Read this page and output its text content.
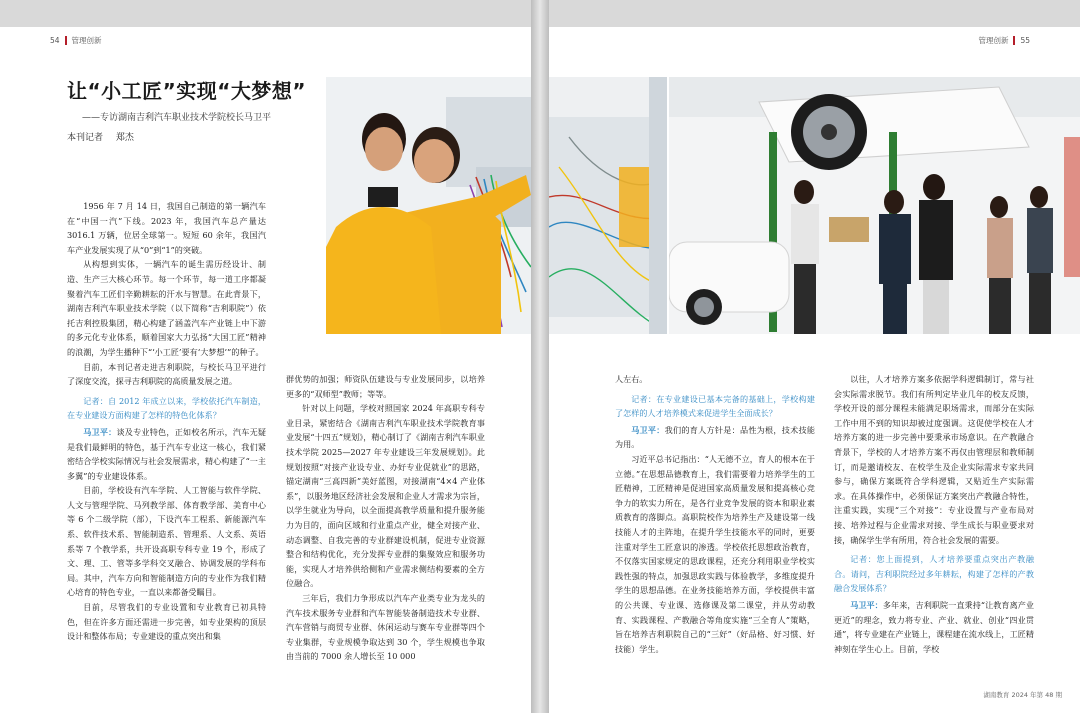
54 管理创新
让“小工匠”实现“大梦想”
——专访湖南吉利汽车职业技术学院校长马卫平
本刊记者 郑杰

1956 年 7 月 14 日，我国自己制造的第一辆汽车在“中国一汽”下线。2023 年，我国汽车总产量达 3016.1 万辆，位居全球第一。短短 60 余年，我国汽车产业发展实现了从“0”到“1”的突破。

从构想到实体，一辆汽车的诞生需历经设计、制造、生产三大核心环节。每一个环节，每一道工序都凝聚着汽车工匠们辛勤耕耘的汗水与智慧。在此背景下，湖南吉利汽车职业技术学院（以下简称“吉利职院”）依托吉利控股集团，精心构建了涵盖汽车产业链上中下游的多元化专业体系，顺着国家大力弘扬“大国工匠”精神的浪潮，为学生播种下“‘小工匠’要有‘大梦想’”的种子。

目前，本刊记者走进吉利职院，与校长马卫平进行了深度交流，探寻吉利职院的高质量发展之道。

记者：自 2012 年成立以来，学校依托汽车制造，在专业建设方面构建了怎样的特色化体系？

马卫平：谈及专业特色，正如校名所示，汽车无疑是我们最鲜明的特色，基于汽车专业这一核心，我们紧密结合学校实际情况与社会发展需求，精心构建了“一主多翼”的专业建设体系。

目前，学校设有汽车学院、人工智能与软件学院、人文与管理学院、马列教学部、体育教学部、美育中心等 6 个二级学院（部），下设汽车工程系、新能源汽车系、软件技术系、智能制造系、管理系、人文系、英语系等 7 个教学系，共开设高职专科专业 19 个，形成了文、理、工、管等多学科交叉融合、协调发展的学科布局。其中，汽车方向和智能制造方向的专业作为我们精心培育的特色专业，一直以来都备受瞩目。

目前，尽管我们的专业设置和专业教育已初具特色，但在许多方面还需进一步完善，如专业架构的顶层设计和整体布局；专业建设的重点突出和集

群优势的加强；师资队伍建设与专业发展同步，以培养更多的“双师型”教师；等等。

针对以上问题，学校对照国家 2024 年高职专科专业目录，紧密结合《湖南吉利汽车职业技术学院教育事业发展“十四五”规划》，精心制订了《湖南吉利汽车职业技术学院 2025—2027 年专业建设三年发展规划》。此规划按照“对接产业设专业、办好专业促就业”的思路，锚定湖南“三高四新”美好蓝图，对接湖南“4×4 产业体系”，以服务地区经济社会发展和企业人才需求为宗旨，以学生就业为导向，以全面提高教学质量和提升服务能力为目的，面向区域和行业重点产业，健全对接产业、动态调整、自我完善的专业群建设机制，促进专业资源整合和结构优化，充分发挥专业群的集聚效应和服务功能，实现人才培养供给侧和产业需求侧结构要素的全方位融合。

三年后，我们力争形成以汽车产业类专业为龙头的汽车技术服务专业群和汽车智能装备制造技术专业群、汽车营销与商贸专业群、休闲运动与赛车专业群等四个专业集群，专业规模争取达到 30 个，学生规模也争取由当前的 7000 余人增长至 10 000

管理创新 55

人左右。

记者：在专业建设已基本完备的基础上，学校构建了怎样的人才培养模式来促进学生全面成长？

马卫平：我们的育人方针是：品性为根，技术技能为用。

习近平总书记指出：“人无德不立，育人的根本在于立德。”在思想品德教育上，我们需要着力培养学生的工匠精神，工匠精神是促进国家高质量发展和提高核心竞争力的软实力所在，是各行业竞争发展的资本和职业素质教育的落脚点。高职院校作为培养生产及建设第一线技能人才的主阵地，在提升学生技能水平的同时，更要注重对学生工匠意识的渗透。学校依托思想政治教育，不仅落实国家规定的思政课程，还充分利用职业学校实践性强的特点，加强思政实践与体验教学，多维度提升学生的思想品德。在业务技能培养方面，学校提供丰富的公共课、专业课、选修课及第二课堂，并从劳动教育、实践课程、产教融合等角度实施“三全育人”策略，旨在培养吉利职院自己的“三好”（好品格、好习惯、好技能）学生。

以往，人才培养方案多依据学科逻辑制订，常与社会实际需求脱节。我们有所判定毕业几年的校友反馈，学校开设的部分课程未能满足职场需求，而部分在实际工作中用不到的知识却被过度强调。这促使学校在人才培养方案的进一步完善中要秉承市场意识。在产教融合背景下，学校的人才培养方案不再仅由管理层和教师制订，而是邀请校友、在校学生及企业实际需求专家共同参与，确保方案既符合学科逻辑，又贴近生产实际需求。在具体操作中，必须保证方案突出产教融合特性，注重实践，实现“三个对接”：专业设置与产业布局对接、培养过程与企业需求对接、学生成长与职业要求对接，确保学生学有所用，符合社会发展的需要。

记者：您上面提到，人才培养要重点突出产教融合。请问，吉利职院经过多年耕耘，构建了怎样的产教融合发展体系？

马卫平：多年来，吉利职院一直秉持“让教育离产业更近”的理念，致力将专业、产业、就业、创业“四业贯通”，将专业建在产业链上，课程建在流水线上，工匠精神刻在学生心上。目前，学校

湖南教育 2024 年第 48 期
